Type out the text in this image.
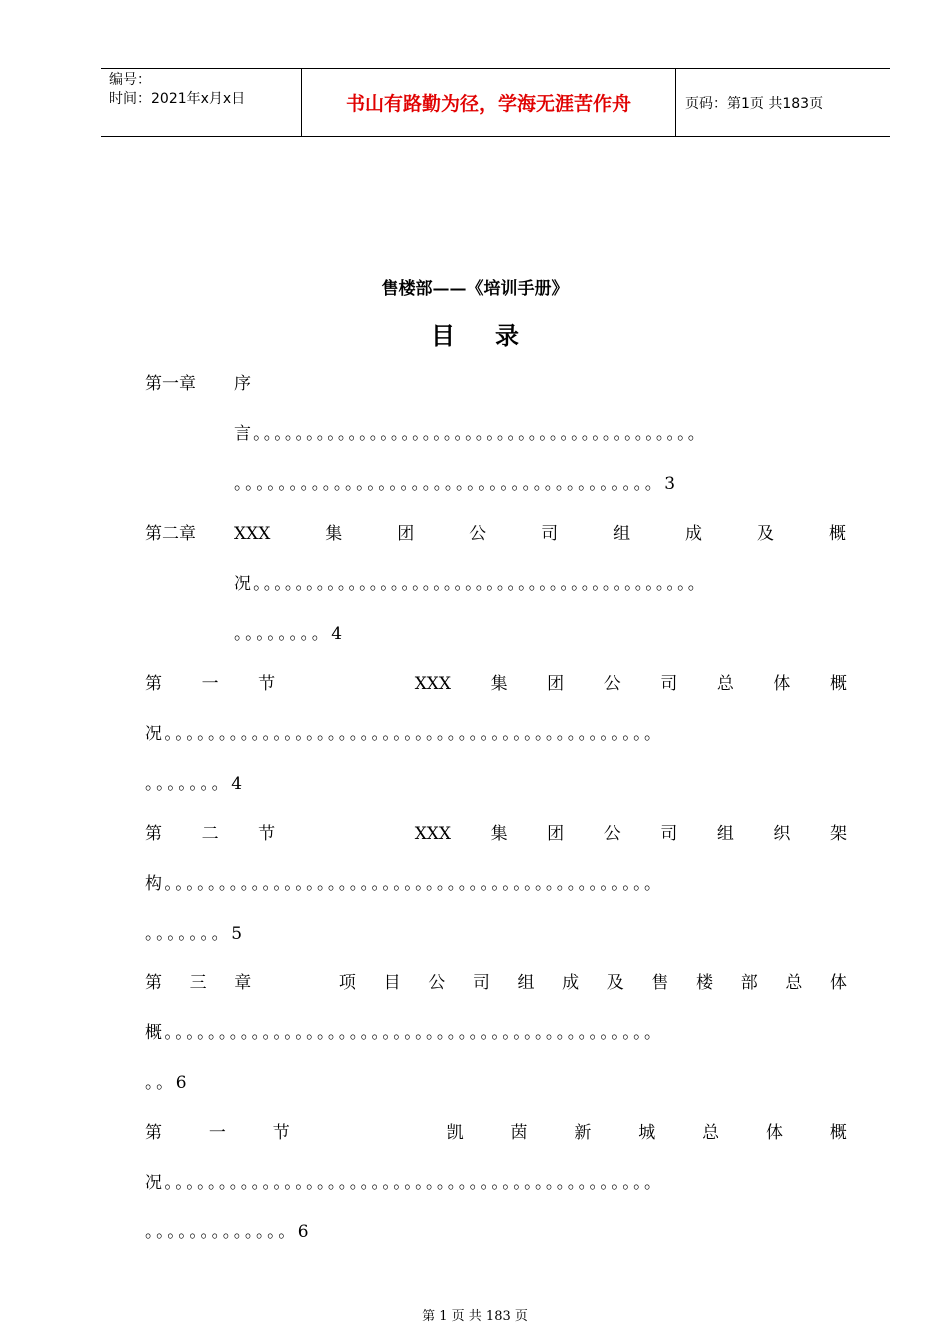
编号：
时间：2021年x月x日	书山有路勤为径，学海无涯苦作舟	页码：第1页 共183页
售楼部——《培训手册》
目录
第一章 序
言。。。。。。。。。。。。。。。。。。。。。。。。。。。。。。。。。。。。。。。。。。
。。。。。。。。。。。。。。。。。。。。。。。。。。。。。。。。。。。。。。3
第二章 XXX	集	团	公	司	组	成	及	概
况。。。。。。。。。。。。。。。。。。。。。。。。。。。。。。。。。。。。。。。。。。
。。。。。。。。4
第 一 节	XXX 集 团 公 司 总 体 概
况。。。。。。。。。。。。。。。。。。。。。。。。。。。。。。。。。。。。。。。。。。。。。
。。。。。。。4
第 二 节	XXX 集 团 公 司 组 织 架
构。。。。。。。。。。。。。。。。。。。。。。。。。。。。。。。。。。。。。。。。。。。。。
。。。。。。。5
第 三 章	项 目 公 司 组 成 及 售 楼 部 总 体
概。。。。。。。。。。。。。。。。。。。。。。。。。。。。。。。。。。。。。。。。。。。。。
。。6
第	一	节	凯	茵	新	城	总	体	概
况。。。。。。。。。。。。。。。。。。。。。。。。。。。。。。。。。。。。。。。。。。。。。
。。。。。。。。。。。。。6
第 1 页 共 183 页
